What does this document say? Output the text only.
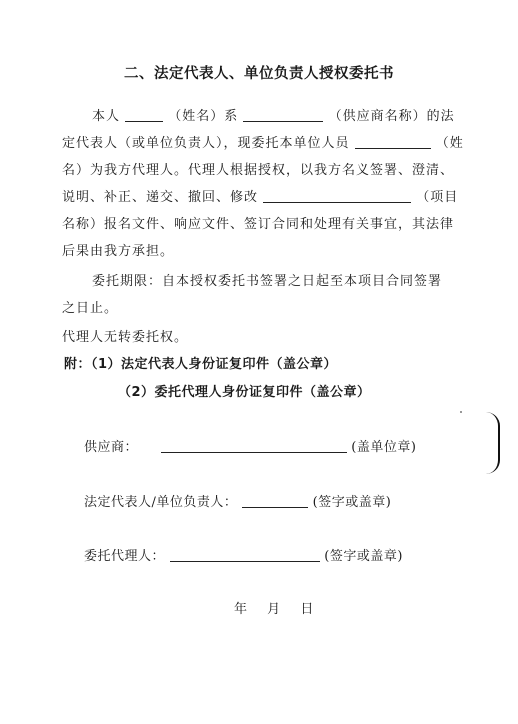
二、法定代表人、单位负责人授权委托书
本人	（姓名）系	（供应商名称）的法
定代表人（或单位负责人），现委托本单位人员	（姓
名）为我方代理人。代理人根据授权，以我方名义签署、澄清、
说明、补正、递交、撤回、修改	（项目
名称）报名文件、响应文件、签订合同和处理有关事宜，其法律
后果由我方承担。
委托期限：自本授权委托书签署之日起至本项目合同签署
之日止。
代理人无转委托权。
附：（1）法定代表人身份证复印件（盖公章）
（2）委托代理人身份证复印件（盖公章）
供应商：	(盖单位章)
法定代表人/单位负责人：	(签字或盖章)
委托代理人：	(签字或盖章)
年 月 日
